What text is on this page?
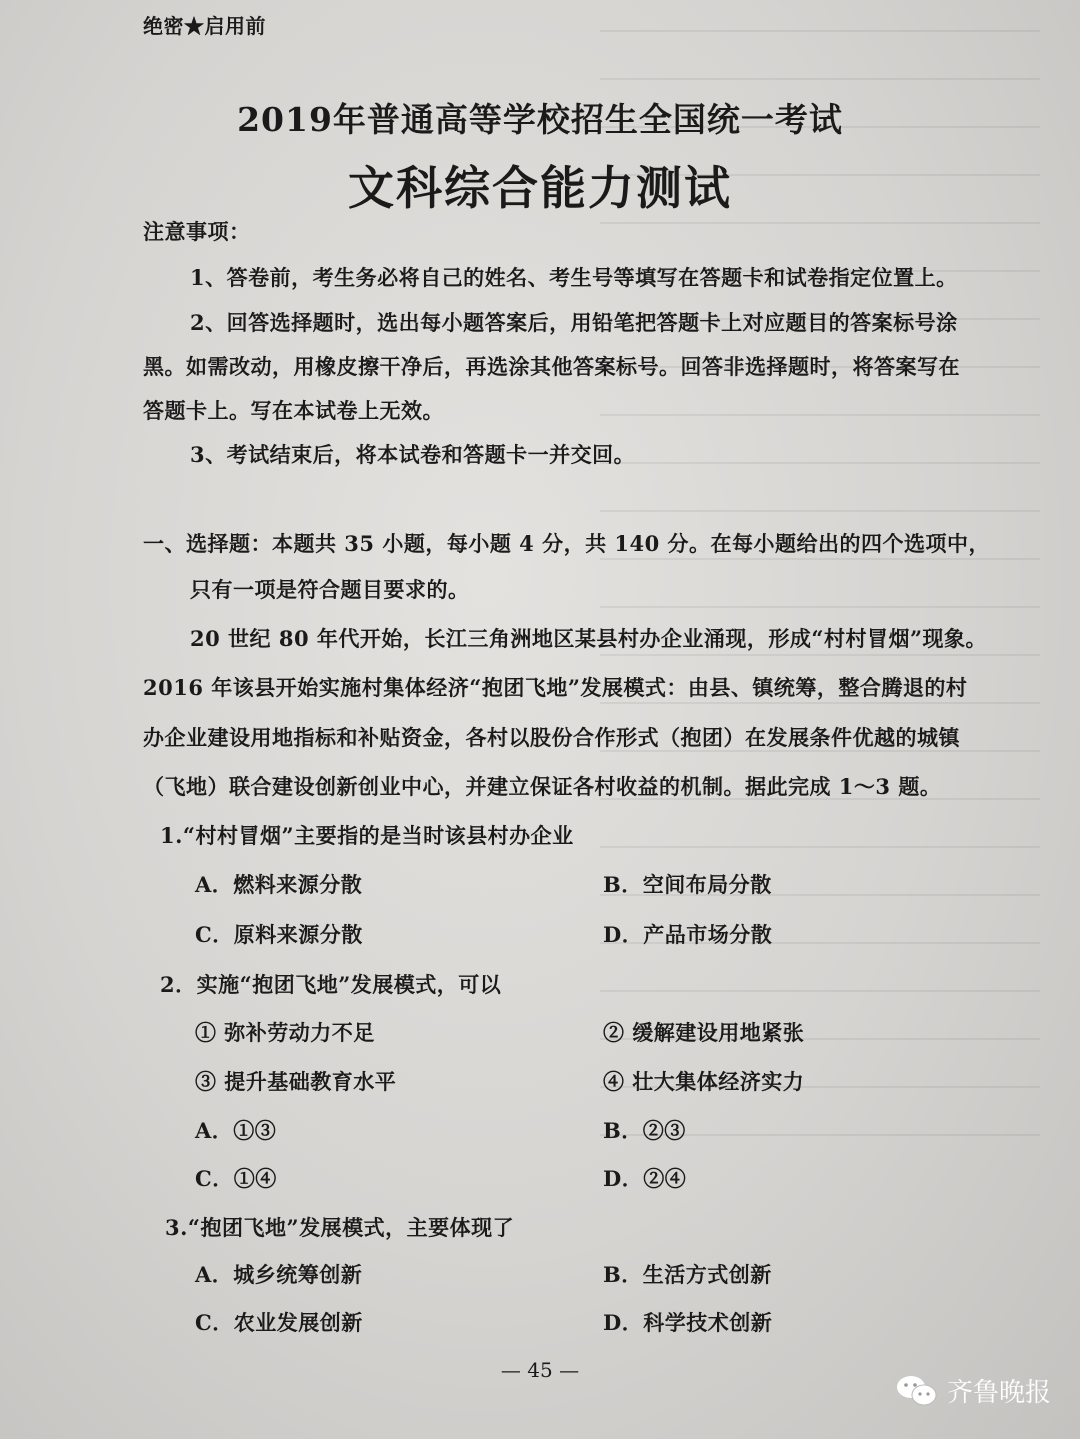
绝密★启用前
2019年普通高等学校招生全国统一考试
文科综合能力测试
注意事项：
1、答卷前，考生务必将自己的姓名、考生号等填写在答题卡和试卷指定位置上。
2、回答选择题时，选出每小题答案后，用铅笔把答题卡上对应题目的答案标号涂
黑。如需改动，用橡皮擦干净后，再选涂其他答案标号。回答非选择题时，将答案写在
答题卡上。写在本试卷上无效。
3、考试结束后，将本试卷和答题卡一并交回。
一、选择题：本题共 35 小题，每小题 4 分，共 140 分。在每小题给出的四个选项中，
只有一项是符合题目要求的。
20 世纪 80 年代开始，长江三角洲地区某县村办企业涌现，形成“村村冒烟”现象。
2016 年该县开始实施村集体经济“抱团飞地”发展模式：由县、镇统筹，整合腾退的村
办企业建设用地指标和补贴资金，各村以股份合作形式（抱团）在发展条件优越的城镇
（飞地）联合建设创新创业中心，并建立保证各村收益的机制。据此完成 1～3 题。
1.“村村冒烟”主要指的是当时该县村办企业
A．燃料来源分散	B．空间布局分散
C．原料来源分散	D．产品市场分散
2．实施“抱团飞地”发展模式，可以
① 弥补劳动力不足	② 缓解建设用地紧张
③ 提升基础教育水平	④ 壮大集体经济实力
A．①③	B．②③
C．①④	D．②④
3.“抱团飞地”发展模式，主要体现了
A．城乡统筹创新	B．生活方式创新
C．农业发展创新	D．科学技术创新
— 45 —
齐鲁晚报
